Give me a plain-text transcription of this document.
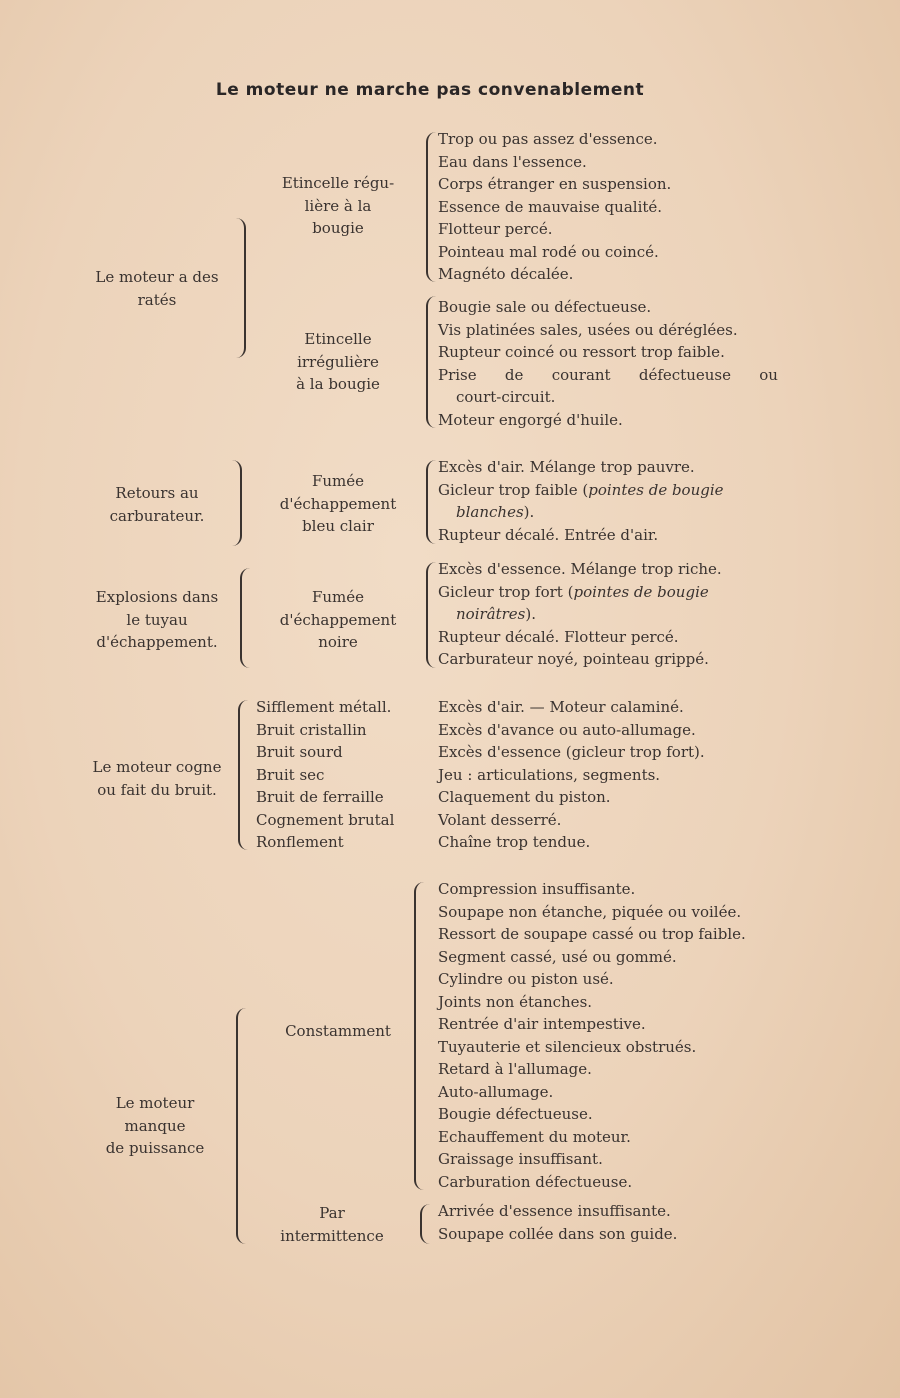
Le moteur ne marche pas convenablement
Le moteur a des
ratés
Etincelle régu-
lière à la
bougie
Trop ou pas assez d'essence.
Eau dans l'essence.
Corps étranger en suspension.
Essence de mauvaise qualité.
Flotteur percé.
Pointeau mal rodé ou coincé.
Magnéto décalée.
Etincelle
irrégulière
à la bougie
Bougie sale ou défectueuse.
Vis platinées sales, usées ou déréglées.
Rupteur coincé ou ressort trop faible.
Prise de courant défectueuse ou
court-circuit.
Moteur engorgé d'huile.
Retours au
carburateur.
Fumée
d'échappement
bleu clair
Excès d'air. Mélange trop pauvre.
Gicleur trop faible (pointes de bougie
blanches).
Rupteur décalé. Entrée d'air.
Explosions dans
le tuyau
d'échappement.
Fumée
d'échappement
noire
Excès d'essence. Mélange trop riche.
Gicleur trop fort (pointes de bougie
noirâtres).
Rupteur décalé. Flotteur percé.
Carburateur noyé, pointeau grippé.
Le moteur cogne
ou fait du bruit.
Sifflement métall.
Bruit cristallin
Bruit sourd
Bruit sec
Bruit de ferraille
Cognement brutal
Ronflement
Excès d'air. — Moteur calaminé.
Excès d'avance ou auto-allumage.
Excès d'essence (gicleur trop fort).
Jeu : articulations, segments.
Claquement du piston.
Volant desserré.
Chaîne trop tendue.
Le moteur
manque
de puissance
Constamment
Compression insuffisante.
Soupape non étanche, piquée ou voilée.
Ressort de soupape cassé ou trop faible.
Segment cassé, usé ou gommé.
Cylindre ou piston usé.
Joints non étanches.
Rentrée d'air intempestive.
Tuyauterie et silencieux obstrués.
Retard à l'allumage.
Auto-allumage.
Bougie défectueuse.
Echauffement du moteur.
Graissage insuffisant.
Carburation défectueuse.
Par
intermittence
Arrivée d'essence insuffisante.
Soupape collée dans son guide.
